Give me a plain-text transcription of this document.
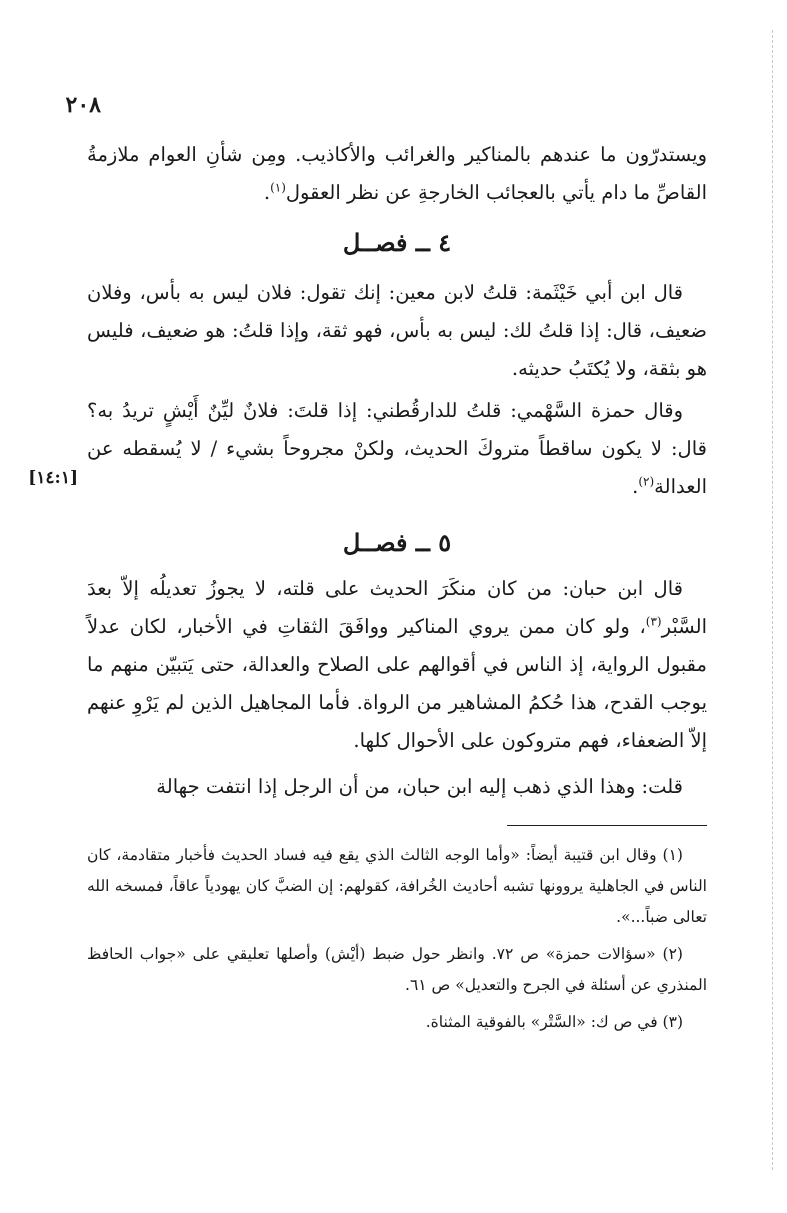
٢٠٨

ويستدرّون ما عندهم بالمناكير والغرائب والأكاذيب. ومِن شأنِ العوام ملازمةُ القاصِّ ما دام يأتي بالعجائب الخارجةِ عن نظر العقول$^{(١)}$.

٤ ــ فصــل

قال ابن أبي خَيْثَمة: قلتُ لابن معين: إنك تقول: فلان ليس به بأس، وفلان ضعيف، قال: إذا قلتُ لك: ليس به بأس، فهو ثقة، وإذا قلتُ: هو ضعيف، فليس هو بثقة، ولا يُكتَبُ حديثه.

وقال حمزة السَّهْمي: قلتُ للدارقُطني: إذا قلتَ: فلانٌ ليِّنٌ أَيْشٍ تريدُ به؟ قال: لا يكون ساقطاً متروكَ الحديث، ولكنْ مجروحاً بشيء / لا يُسقطه عن العدالة$^{(٢)}$.

[١٤:١]
٥ ــ فصــل

قال ابن حبان: من كان منكَرَ الحديث على قلته، لا يجوزُ تعديلُه إلاّ بعدَ السَّبْر$^{(٣)}$، ولو كان ممن يروي المناكير ووافَقَ الثقاتِ في الأخبار، لكان عدلاً مقبول الرواية، إذ الناس في أقوالهم على الصلاح والعدالة، حتى يَتبيّن منهم ما يوجب القدح، هذا حُكمُ المشاهير من الرواة. فأما المجاهيل الذين لم يَرْوِ عنهم إلاّ الضعفاء، فهم متروكون على الأحوال كلها.

قلت: وهذا الذي ذهب إليه ابن حبان، من أن الرجل إذا انتفت جهالة

(١) وقال ابن قتيبة أيضاً: «وأما الوجه الثالث الذي يقع فيه فساد الحديث فأخبار متقادمة، كان الناس في الجاهلية يروونها تشبه أحاديث الخُرافة، كقولهم: إن الضبَّ كان يهودياً عاقاً، فمسخه الله تعالى ضباً...».

(٢) «سؤالات حمزة» ص ٧٢. وانظر حول ضبط (أيْش) وأصلها تعليقي على «جواب الحافظ المنذري عن أسئلة في الجرح والتعديل» ص ٦١.

(٣) في ص ك: «السَّتْر» بالفوقية المثناة.
